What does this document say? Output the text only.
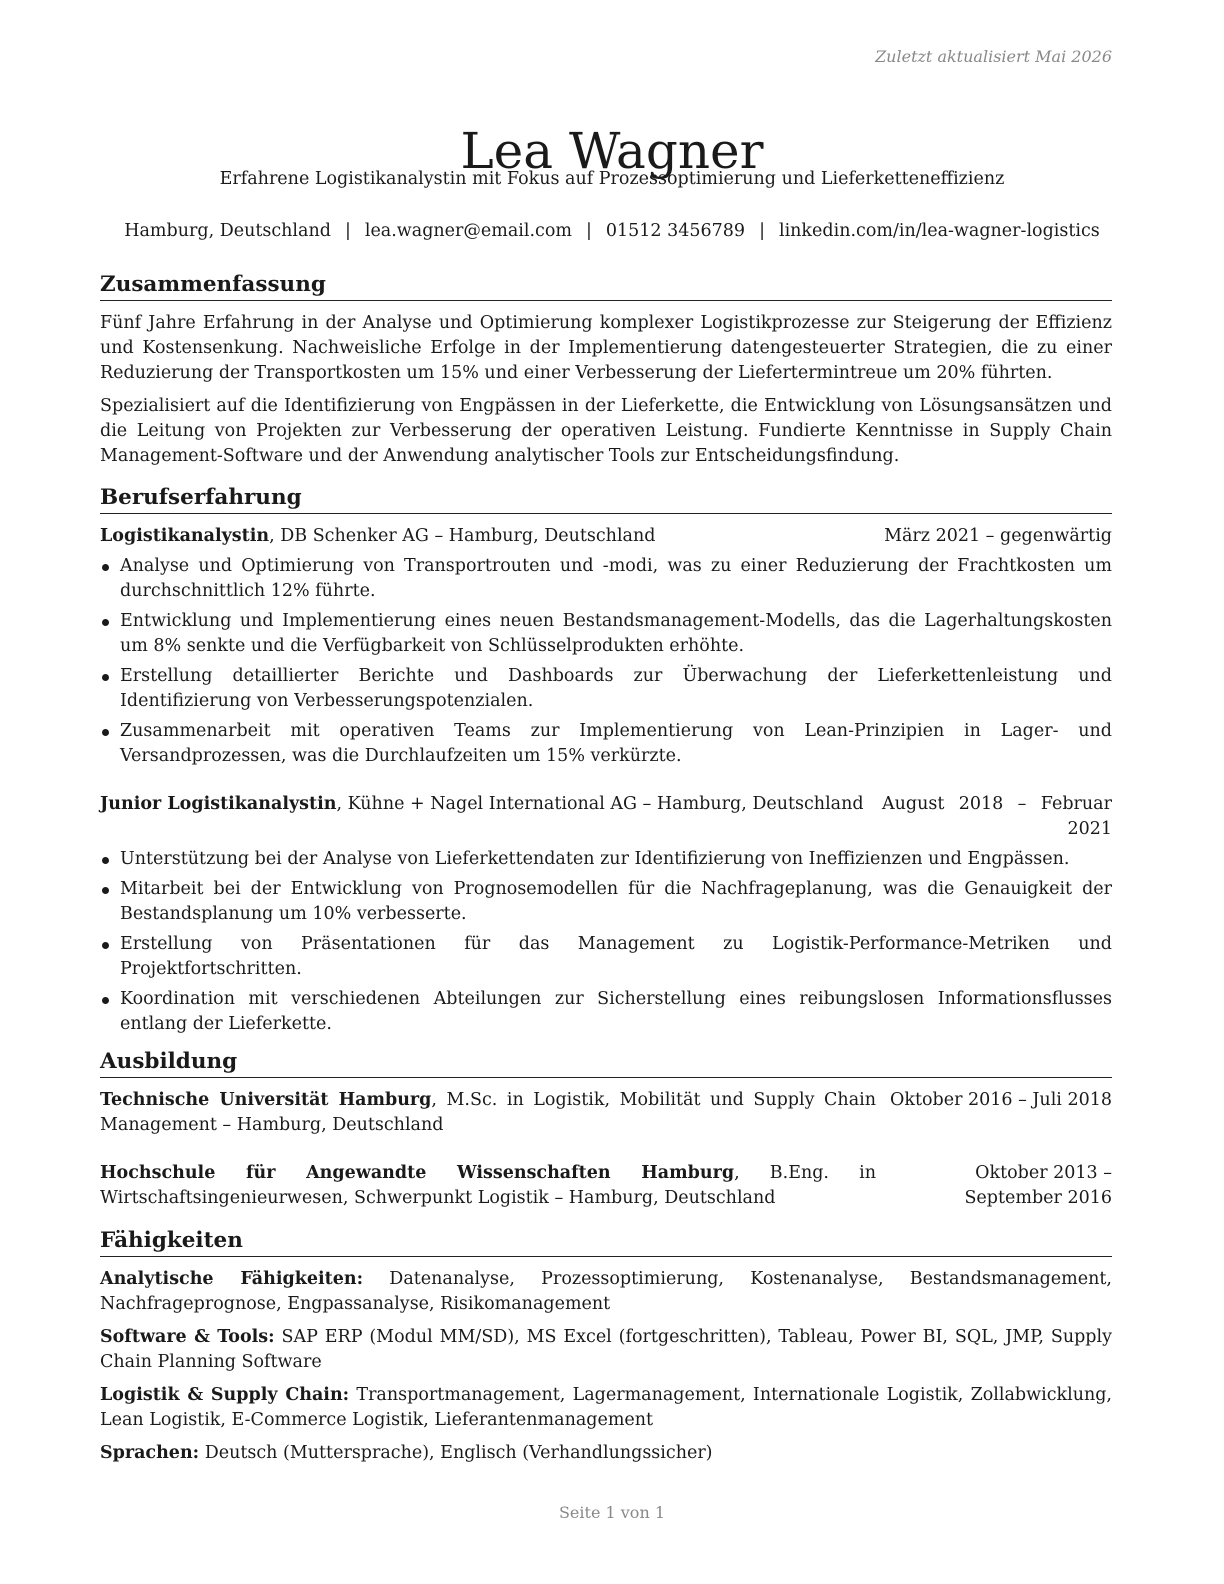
Zuletzt aktualisiert Mai 2026
Lea Wagner
Erfahrene Logistikanalystin mit Fokus auf Prozessoptimierung und Lieferketteneffizienz
Hamburg, Deutschland | lea.wagner@email.com | 01512 3456789 | linkedin.com/in/lea-wagner-logistics
Zusammenfassung

Fünf Jahre Erfahrung in der Analyse und Optimierung komplexer Logistikprozesse zur Steigerung der Effizienz und Kostensenkung. Nachweisliche Erfolge in der Implementierung datengesteuerter Strategien, die zu einer Reduzierung der Transportkosten um 15% und einer Verbesserung der Liefertermintreue um 20% führten.

Spezialisiert auf die Identifizierung von Engpässen in der Lieferkette, die Entwicklung von Lösungsansätzen und die Leitung von Projekten zur Verbesserung der operativen Leistung. Fundierte Kenntnisse in Supply Chain Management-Software und der Anwendung analytischer Tools zur Entscheidungsfindung.

Berufserfahrung
Logistikanalystin, DB Schenker AG – Hamburg, Deutschland	März 2021 – gegenwärtig
Analyse und Optimierung von Transportrouten und -modi, was zu einer Reduzierung der Frachtkosten um durchschnittlich 12% führte.
Entwicklung und Implementierung eines neuen Bestandsmanagement-Modells, das die Lagerhaltungskosten um 8% senkte und die Verfügbarkeit von Schlüsselprodukten erhöhte.
Erstellung detaillierter Berichte und Dashboards zur Überwachung der Lieferkettenleistung und Identifizierung von Verbesserungspotenzialen.
Zusammenarbeit mit operativen Teams zur Implementierung von Lean-Prinzipien in Lager- und Versandprozessen, was die Durchlaufzeiten um 15% verkürzte.
Junior Logistikanalystin, Kühne + Nagel International AG – Hamburg, Deutschland	August 2018 – Februar 2021
Unterstützung bei der Analyse von Lieferkettendaten zur Identifizierung von Ineffizienzen und Engpässen.
Mitarbeit bei der Entwicklung von Prognosemodellen für die Nachfrageplanung, was die Genauigkeit der Bestandsplanung um 10% verbesserte.
Erstellung von Präsentationen für das Management zu Logistik-Performance-Metriken und Projektfortschritten.
Koordination mit verschiedenen Abteilungen zur Sicherstellung eines reibungslosen Informationsflusses entlang der Lieferkette.
Ausbildung
Technische Universität Hamburg, M.Sc. in Logistik, Mobilität und Supply Chain Management – Hamburg, Deutschland
Oktober 2016 – Juli 2018
Hochschule für Angewandte Wissenschaften Hamburg, B.Eng. in Wirtschaftsingenieurwesen, Schwerpunkt Logistik – Hamburg, Deutschland
Oktober 2013 – September 2016
Fähigkeiten

Analytische Fähigkeiten: Datenanalyse, Prozessoptimierung, Kostenanalyse, Bestandsmanagement, Nachfrageprognose, Engpassanalyse, Risikomanagement

Software & Tools: SAP ERP (Modul MM/SD), MS Excel (fortgeschritten), Tableau, Power BI, SQL, JMP, Supply Chain Planning Software

Logistik & Supply Chain: Transportmanagement, Lagermanagement, Internationale Logistik, Zollabwicklung, Lean Logistik, E-Commerce Logistik, Lieferantenmanagement

Sprachen: Deutsch (Muttersprache), Englisch (Verhandlungssicher)

Seite 1 von 1
